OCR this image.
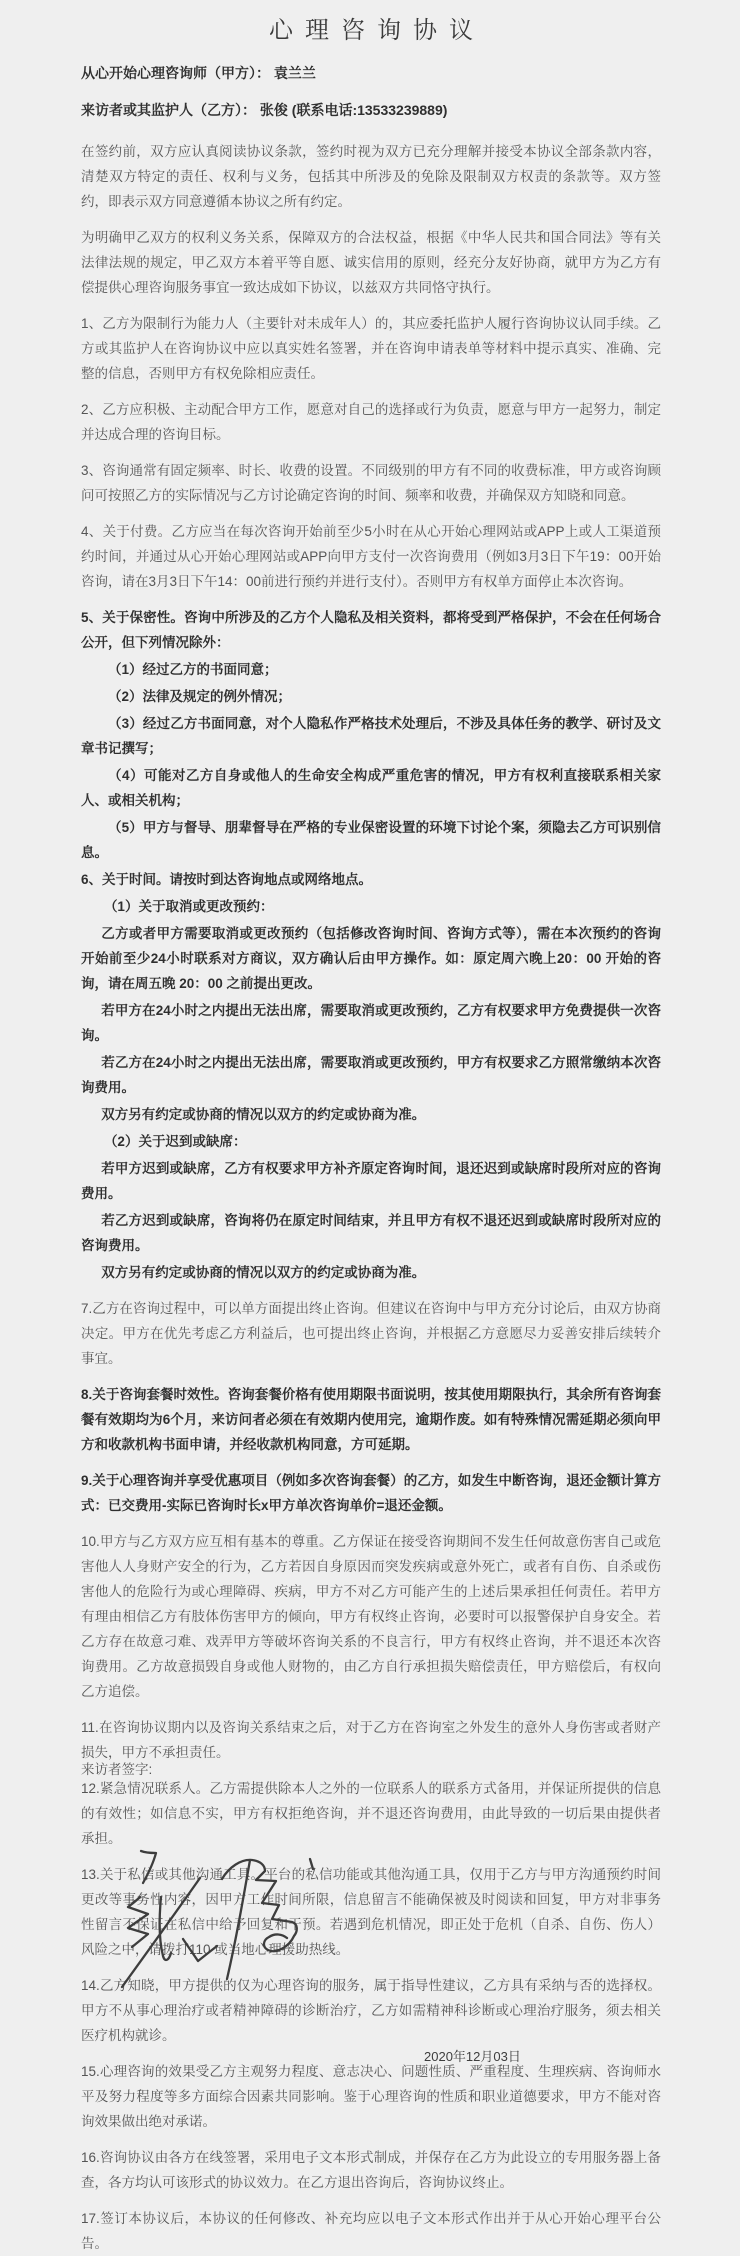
心理咨询协议

从心开始心理咨询师（甲方）： 袁兰兰

来访者或其监护人（乙方）： 张俊 (联系电话:13533239889)

在签约前，双方应认真阅读协议条款，签约时视为双方已充分理解并接受本协议全部条款内容，清楚双方特定的责任、权利与义务，包括其中所涉及的免除及限制双方权责的条款等。双方签约，即表示双方同意遵循本协议之所有约定。

为明确甲乙双方的权利义务关系，保障双方的合法权益，根据《中华人民共和国合同法》等有关法律法规的规定，甲乙双方本着平等自愿、诚实信用的原则，经充分友好协商，就甲方为乙方有偿提供心理咨询服务事宜一致达成如下协议，以兹双方共同恪守执行。

1、乙方为限制行为能力人（主要针对未成年人）的，其应委托监护人履行咨询协议认同手续。乙方或其监护人在咨询协议中应以真实姓名签署，并在咨询申请表单等材料中提示真实、准确、完整的信息，否则甲方有权免除相应责任。

2、乙方应积极、主动配合甲方工作，愿意对自己的选择或行为负责，愿意与甲方一起努力，制定并达成合理的咨询目标。

3、咨询通常有固定频率、时长、收费的设置。不同级别的甲方有不同的收费标准，甲方或咨询顾问可按照乙方的实际情况与乙方讨论确定咨询的时间、频率和收费，并确保双方知晓和同意。

4、关于付费。乙方应当在每次咨询开始前至少5小时在从心开始心理网站或APP上或人工渠道预约时间，并通过从心开始心理网站或APP向甲方支付一次咨询费用（例如3月3日下午19：00开始咨询，请在3月3日下午14：00前进行预约并进行支付）。否则甲方有权单方面停止本次咨询。

5、关于保密性。咨询中所涉及的乙方个人隐私及相关资料，都将受到严格保护，不会在任何场合公开，但下列情况除外：

（1）经过乙方的书面同意；

（2）法律及规定的例外情况；

（3）经过乙方书面同意，对个人隐私作严格技术处理后，不涉及具体任务的教学、研讨及文章书记撰写；

（4）可能对乙方自身或他人的生命安全构成严重危害的情况，甲方有权利直接联系相关家人、或相关机构；

（5）甲方与督导、朋辈督导在严格的专业保密设置的环境下讨论个案，须隐去乙方可识别信息。

6、关于时间。请按时到达咨询地点或网络地点。

（1）关于取消或更改预约：

乙方或者甲方需要取消或更改预约（包括修改咨询时间、咨询方式等），需在本次预约的咨询开始前至少24小时联系对方商议，双方确认后由甲方操作。如：原定周六晚上20：00 开始的咨询，请在周五晚 20：00 之前提出更改。

若甲方在24小时之内提出无法出席，需要取消或更改预约，乙方有权要求甲方免费提供一次咨询。

若乙方在24小时之内提出无法出席，需要取消或更改预约，甲方有权要求乙方照常缴纳本次咨询费用。

双方另有约定或协商的情况以双方的约定或协商为准。

（2）关于迟到或缺席：

若甲方迟到或缺席，乙方有权要求甲方补齐原定咨询时间，退还迟到或缺席时段所对应的咨询费用。

若乙方迟到或缺席，咨询将仍在原定时间结束，并且甲方有权不退还迟到或缺席时段所对应的咨询费用。

双方另有约定或协商的情况以双方的约定或协商为准。

7.乙方在咨询过程中，可以单方面提出终止咨询。但建议在咨询中与甲方充分讨论后，由双方协商决定。甲方在优先考虑乙方利益后，也可提出终止咨询，并根据乙方意愿尽力妥善安排后续转介事宜。

8.关于咨询套餐时效性。咨询套餐价格有使用期限书面说明，按其使用期限执行，其余所有咨询套餐有效期均为6个月，来访问者必须在有效期内使用完，逾期作废。如有特殊情况需延期必须向甲方和收款机构书面申请，并经收款机构同意，方可延期。

9.关于心理咨询并享受优惠项目（例如多次咨询套餐）的乙方，如发生中断咨询，退还金额计算方式：已交费用-实际已咨询时长x甲方单次咨询单价=退还金额。

10.甲方与乙方双方应互相有基本的尊重。乙方保证在接受咨询期间不发生任何故意伤害自己或危害他人人身财产安全的行为，乙方若因自身原因而突发疾病或意外死亡，或者有自伤、自杀或伤害他人的危险行为或心理障碍、疾病，甲方不对乙方可能产生的上述后果承担任何责任。若甲方有理由相信乙方有肢体伤害甲方的倾向，甲方有权终止咨询，必要时可以报警保护自身安全。若乙方存在故意刁难、戏弄甲方等破坏咨询关系的不良言行，甲方有权终止咨询，并不退还本次咨询费用。乙方故意损毁自身或他人财物的，由乙方自行承担损失赔偿责任，甲方赔偿后，有权向乙方追偿。

11.在咨询协议期内以及咨询关系结束之后，对于乙方在咨询室之外发生的意外人身伤害或者财产损失，甲方不承担责任。

12.紧急情况联系人。乙方需提供除本人之外的一位联系人的联系方式备用，并保证所提供的信息的有效性；如信息不实，甲方有权拒绝咨询，并不退还咨询费用，由此导致的一切后果由提供者承担。

13.关于私信或其他沟通工具。平台的私信功能或其他沟通工具，仅用于乙方与甲方沟通预约时间更改等事务性内容，因甲方工作时间所限，信息留言不能确保被及时阅读和回复，甲方对非事务性留言不保证在私信中给予回复和干预。若遇到危机情况，即正处于危机（自杀、自伤、伤人）风险之中，请拨打110 或当地心理援助热线。

14.乙方知晓，甲方提供的仅为心理咨询的服务，属于指导性建议，乙方具有采纳与否的选择权。甲方不从事心理治疗或者精神障碍的诊断治疗，乙方如需精神科诊断或心理治疗服务，须去相关医疗机构就诊。

15.心理咨询的效果受乙方主观努力程度、意志决心、问题性质、严重程度、生理疾病、咨询师水平及努力程度等多方面综合因素共同影响。鉴于心理咨询的性质和职业道德要求，甲方不能对咨询效果做出绝对承诺。

16.咨询协议由各方在线签署，采用电子文本形式制成，并保存在乙方为此设立的专用服务器上备查，各方均认可该形式的协议效力。在乙方退出咨询后，咨询协议终止。

17.签订本协议后，本协议的任何修改、补充均应以电子文本形式作出并于从心开始心理平台公告。

来访者签字:
2020年12月03日
